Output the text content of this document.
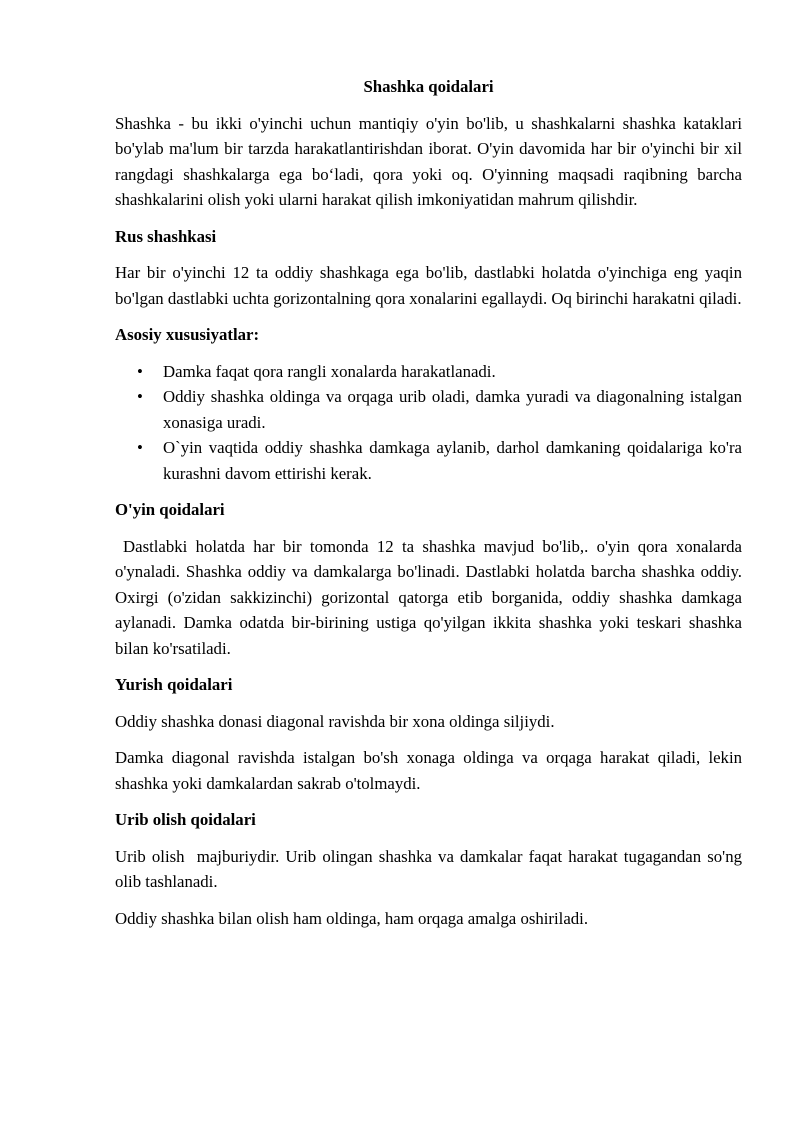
Shashka qoidalari

Shashka - bu ikki o'yinchi uchun mantiqiy o'yin bo'lib, u shashkalarni shashka kataklari bo'ylab ma'lum bir tarzda harakatlantirishdan iborat. O'yin davomida har bir o'yinchi bir xil rangdagi shashkalarga ega bo‘ladi, qora yoki oq. O'yinning maqsadi raqibning barcha shashkalarini olish yoki ularni harakat qilish imkoniyatidan mahrum qilishdir.

Rus shashkasi

Har bir o'yinchi 12 ta oddiy shashkaga ega bo'lib, dastlabki holatda o'yinchiga eng yaqin bo'lgan dastlabki uchta gorizontalning qora xonalarini egallaydi. Oq birinchi harakatni qiladi.

Asosiy xususiyatlar:
• Damka faqat qora rangli xonalarda harakatlanadi.
• Oddiy shashka oldinga va orqaga urib oladi, damka yuradi va diagonalning istalgan xonasiga uradi.
• O`yin vaqtida oddiy shashka damkaga aylanib, darhol damkaning qoidalariga ko'ra kurashni davom ettirishi kerak.
O'yin qoidalari

Dastlabki holatda har bir tomonda 12 ta shashka mavjud bo'lib,. o'yin qora xonalarda o'ynaladi. Shashka oddiy va damkalarga bo'linadi. Dastlabki holatda barcha shashka oddiy. Oxirgi (o'zidan sakkizinchi) gorizontal qatorga etib borganida, oddiy shashka damkaga aylanadi. Damka odatda bir-birining ustiga qo'yilgan ikkita shashka yoki teskari shashka bilan ko'rsatiladi.

Yurish qoidalari

Oddiy shashka donasi diagonal ravishda bir xona oldinga siljiydi.

Damka diagonal ravishda istalgan bo'sh xonaga oldinga va orqaga harakat qiladi, lekin shashka yoki damkalardan sakrab o'tolmaydi.

Urib olish qoidalari

Urib olish  majburiydir. Urib olingan shashka va damkalar faqat harakat tugagandan so'ng olib tashlanadi.

Oddiy shashka bilan olish ham oldinga, ham orqaga amalga oshiriladi.
